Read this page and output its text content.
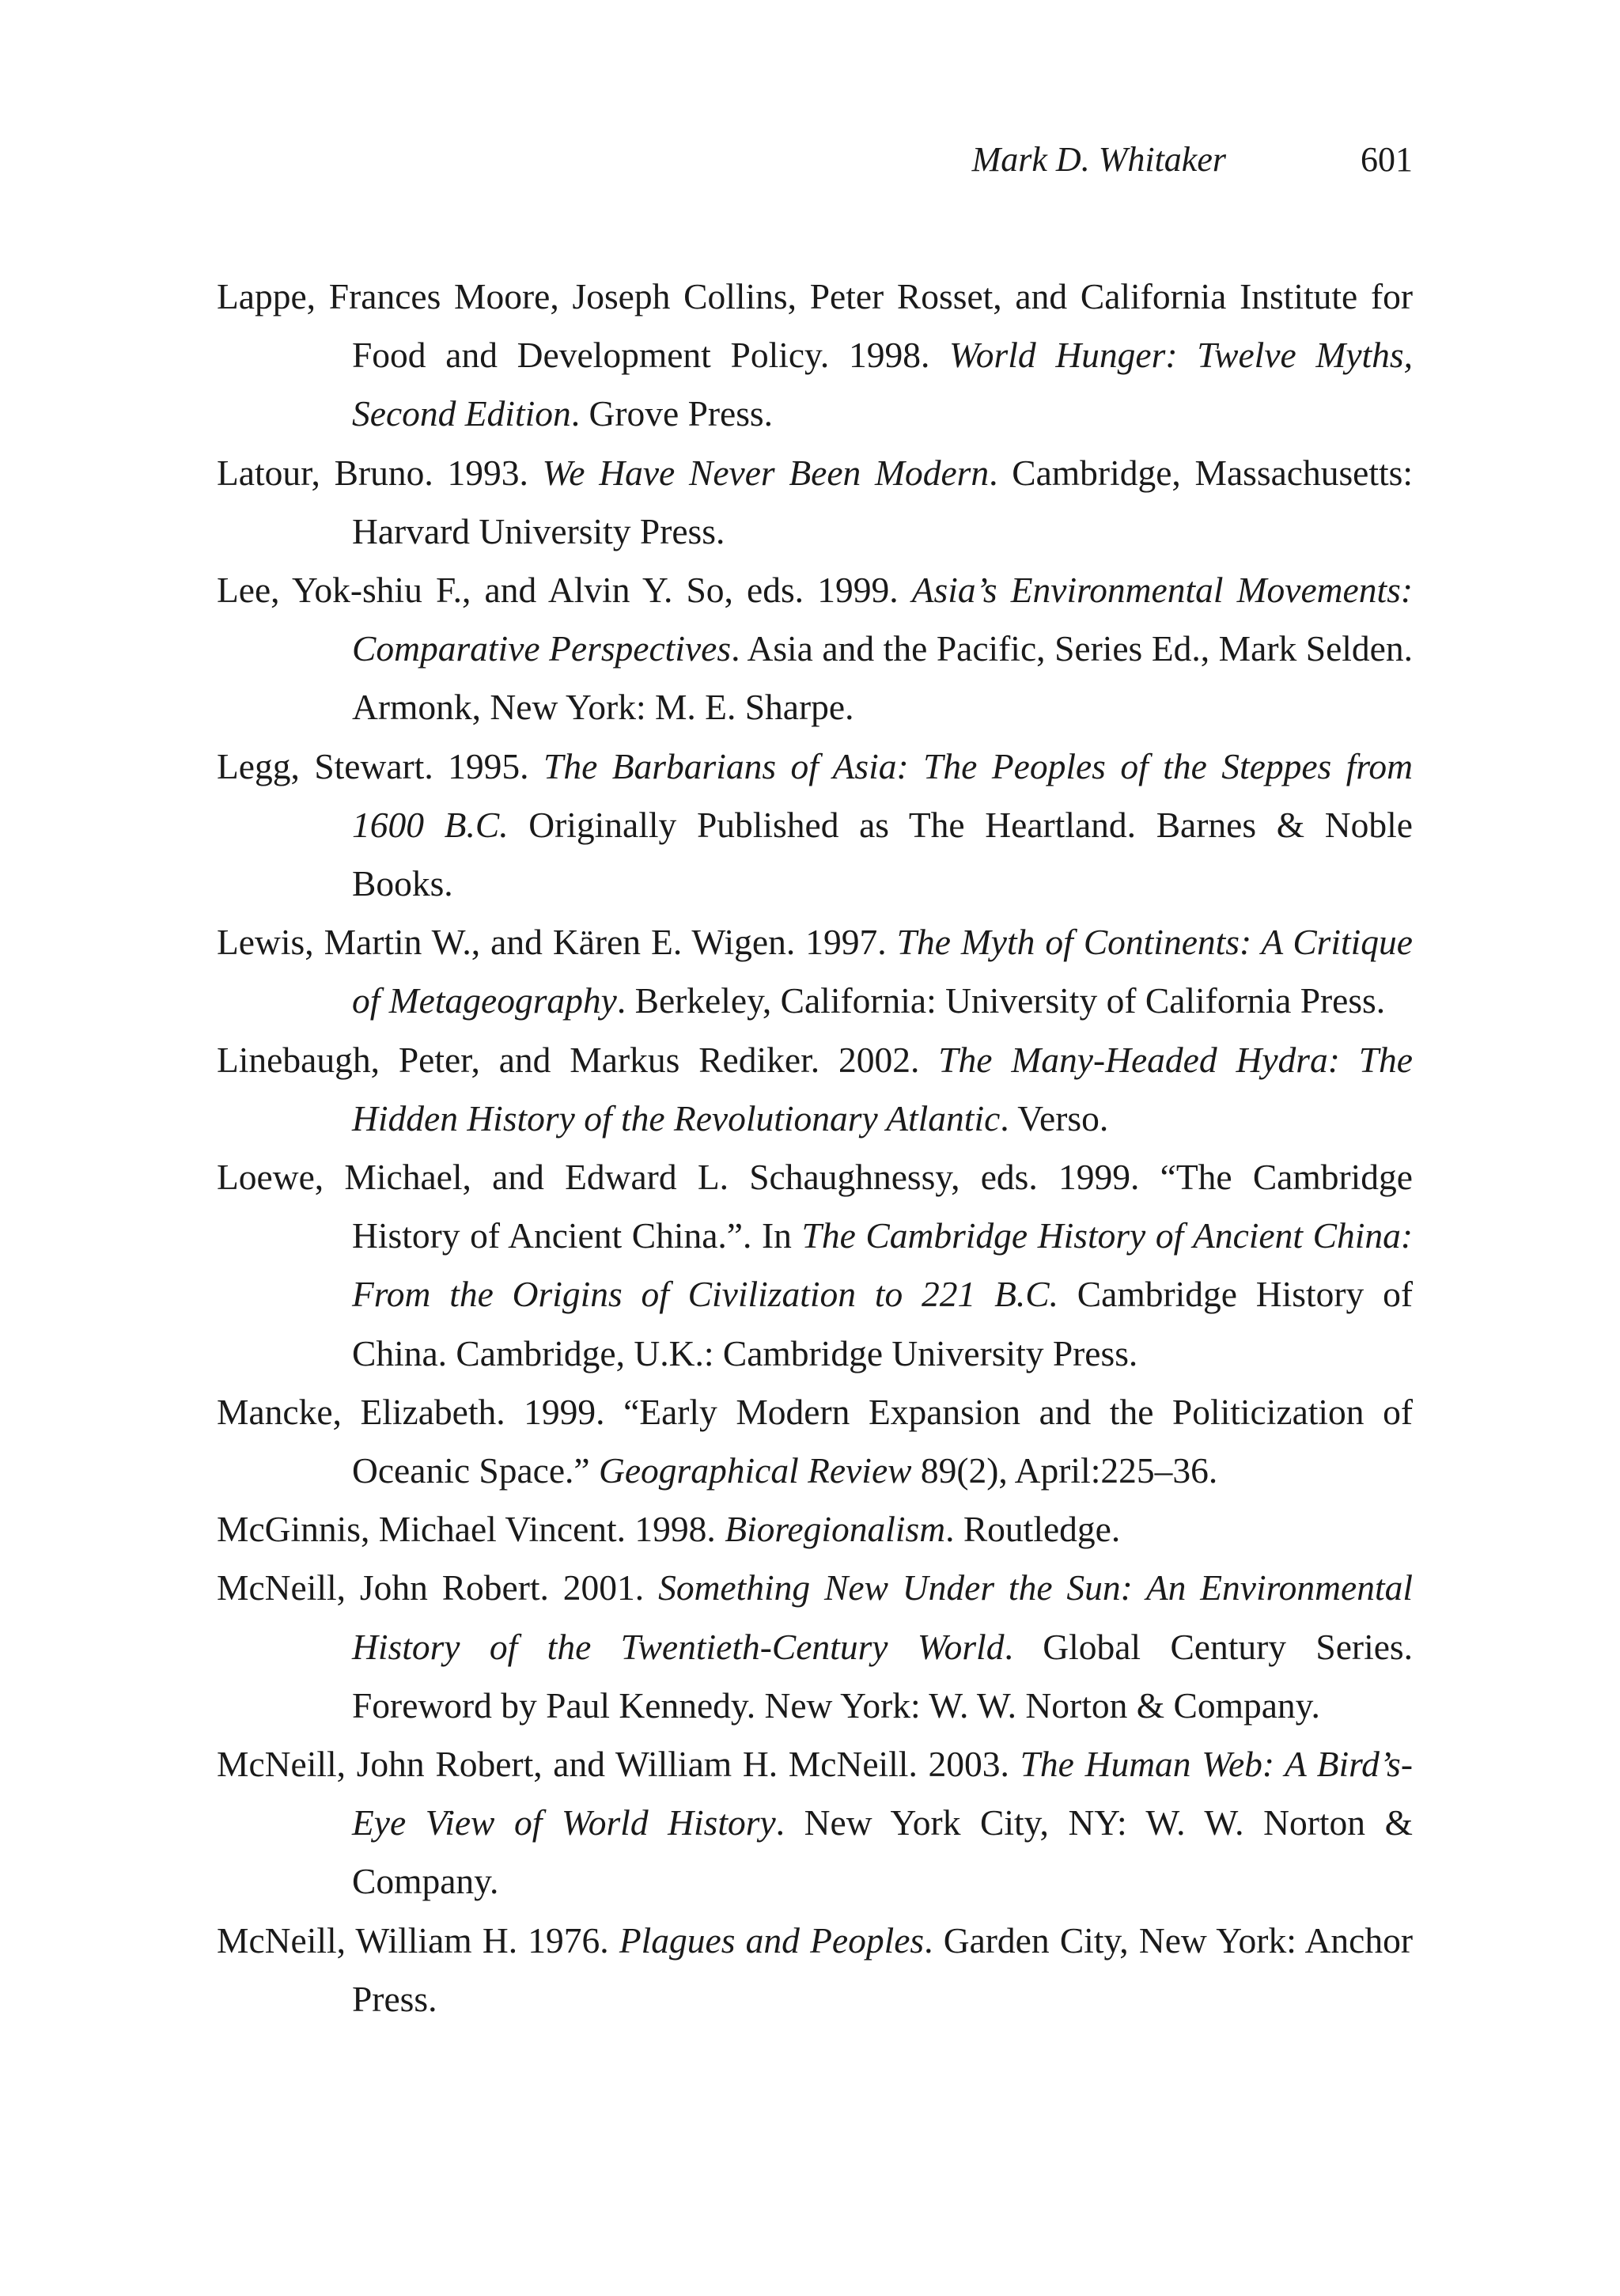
Mark D. Whitaker	601
Lappe, Frances Moore, Joseph Collins, Peter Rosset, and California Institute for Food and Development Policy. 1998. World Hunger: Twelve Myths, Second Edition. Grove Press.
Latour, Bruno. 1993. We Have Never Been Modern. Cambridge, Massachusetts: Harvard University Press.
Lee, Yok-shiu F., and Alvin Y. So, eds. 1999. Asia’s Environmental Movements: Comparative Perspectives. Asia and the Pacific, Series Ed., Mark Selden. Armonk, New York: M. E. Sharpe.
Legg, Stewart. 1995. The Barbarians of Asia: The Peoples of the Steppes from 1600 B.C. Originally Published as The Heartland. Barnes & Noble Books.
Lewis, Martin W., and Kären E. Wigen. 1997. The Myth of Continents: A Critique of Metageography. Berkeley, California: University of California Press.
Linebaugh, Peter, and Markus Rediker. 2002. The Many-Headed Hydra: The Hidden History of the Revolutionary Atlantic. Verso.
Loewe, Michael, and Edward L. Schaughnessy, eds. 1999. “The Cambridge History of Ancient China.”. In The Cambridge History of Ancient China: From the Origins of Civilization to 221 B.C. Cambridge History of China. Cambridge, U.K.: Cambridge University Press.
Mancke, Elizabeth. 1999. “Early Modern Expansion and the Politicization of Oceanic Space.” Geographical Review 89(2), April:225–36.
McGinnis, Michael Vincent. 1998. Bioregionalism. Routledge.
McNeill, John Robert. 2001. Something New Under the Sun: An Environmental History of the Twentieth-Century World. Global Century Series. Foreword by Paul Kennedy. New York: W. W. Norton & Company.
McNeill, John Robert, and William H. McNeill. 2003. The Human Web: A Bird’s-Eye View of World History. New York City, NY: W. W. Norton & Company.
McNeill, William H. 1976. Plagues and Peoples. Garden City, New York: Anchor Press.
